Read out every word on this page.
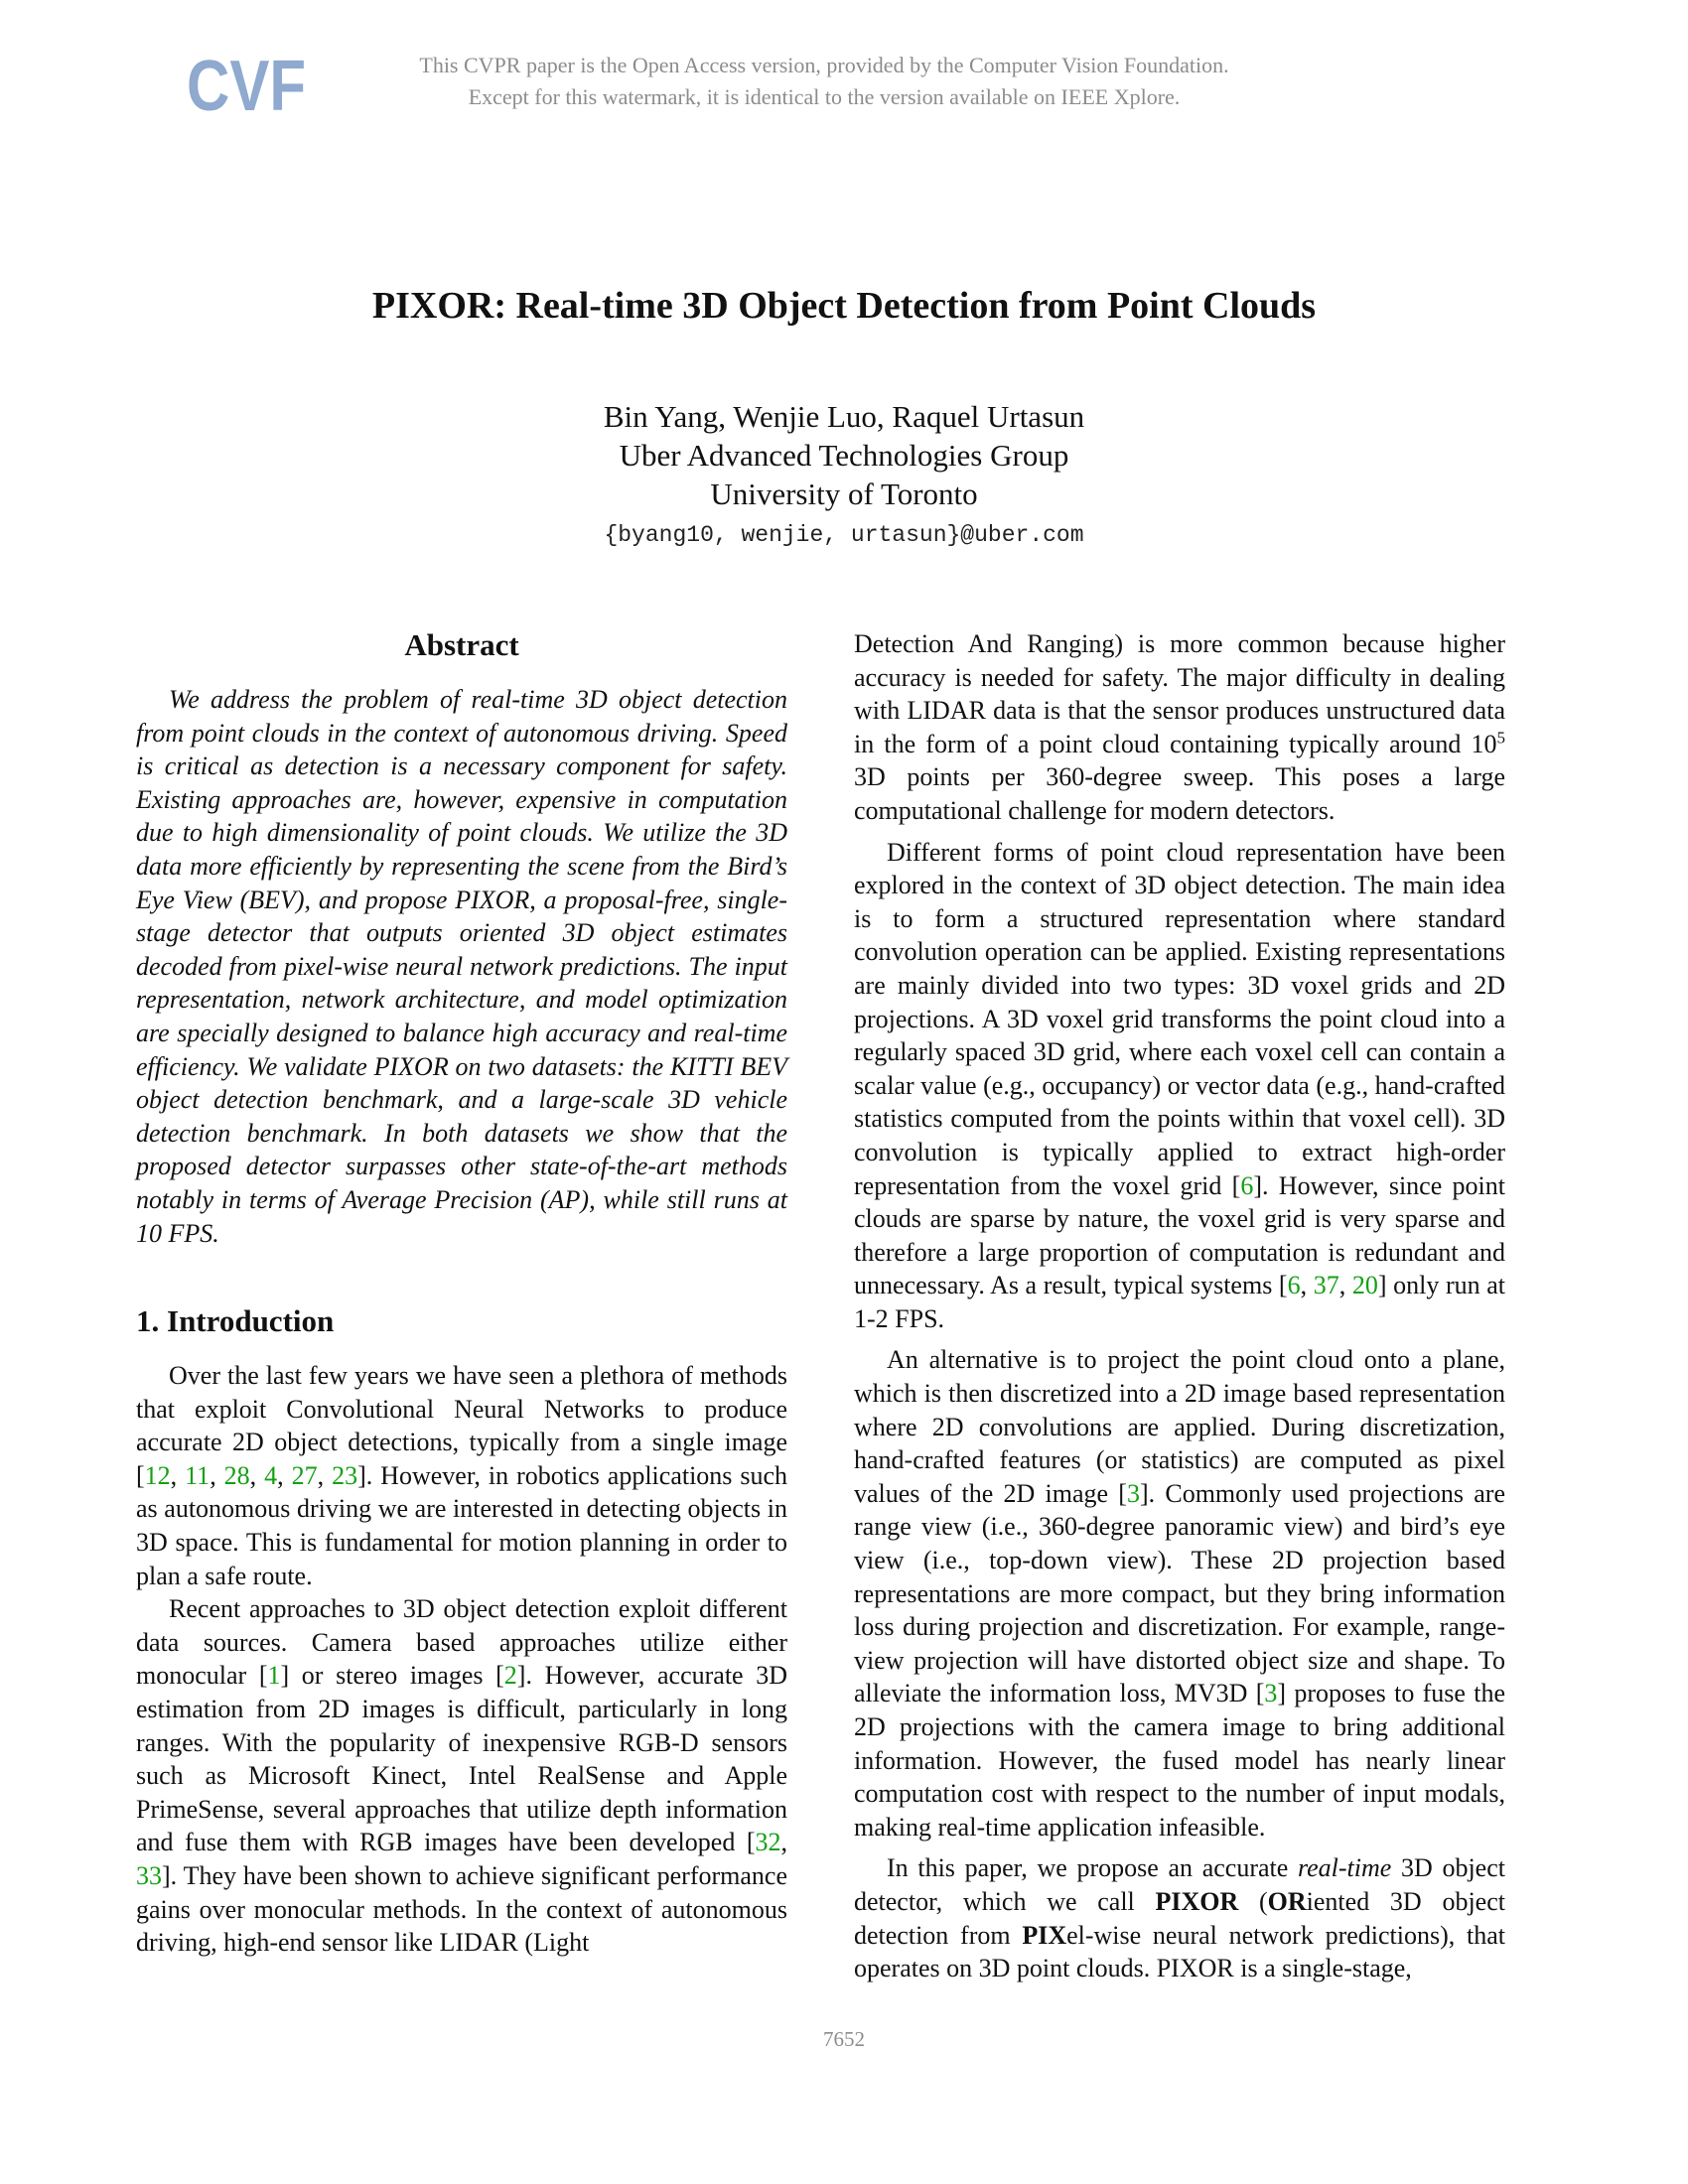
CVF	This CVPR paper is the Open Access version, provided by the Computer Vision Foundation.
Except for this watermark, it is identical to the version available on IEEE Xplore.
PIXOR: Real-time 3D Object Detection from Point Clouds
Bin Yang, Wenjie Luo, Raquel Urtasun
Uber Advanced Technologies Group
University of Toronto
{byang10, wenjie, urtasun}@uber.com
Abstract

We address the problem of real-time 3D object detection from point clouds in the context of autonomous driving. Speed is critical as detection is a necessary component for safety. Existing approaches are, however, expensive in computation due to high dimensionality of point clouds. We utilize the 3D data more efficiently by representing the scene from the Bird’s Eye View (BEV), and propose PIXOR, a proposal-free, single-stage detector that outputs oriented 3D object estimates decoded from pixel-wise neural network predictions. The input representation, network architecture, and model optimization are specially designed to balance high accuracy and real-time efficiency. We validate PIXOR on two datasets: the KITTI BEV object detection benchmark, and a large-scale 3D vehicle detection benchmark. In both datasets we show that the proposed detector surpasses other state-of-the-art methods notably in terms of Average Precision (AP), while still runs at 10 FPS.

1. Introduction

Over the last few years we have seen a plethora of methods that exploit Convolutional Neural Networks to produce accurate 2D object detections, typically from a single image [12, 11, 28, 4, 27, 23]. However, in robotics applications such as autonomous driving we are interested in detecting objects in 3D space. This is fundamental for motion planning in order to plan a safe route.

Recent approaches to 3D object detection exploit different data sources. Camera based approaches utilize either monocular [1] or stereo images [2]. However, accurate 3D estimation from 2D images is difficult, particularly in long ranges. With the popularity of inexpensive RGB-D sensors such as Microsoft Kinect, Intel RealSense and Apple PrimeSense, several approaches that utilize depth information and fuse them with RGB images have been developed [32, 33]. They have been shown to achieve significant performance gains over monocular methods. In the context of autonomous driving, high-end sensor like LIDAR (Light

Detection And Ranging) is more common because higher accuracy is needed for safety. The major difficulty in dealing with LIDAR data is that the sensor produces unstructured data in the form of a point cloud containing typically around $10^5$ 3D points per 360-degree sweep. This poses a large computational challenge for modern detectors.

Different forms of point cloud representation have been explored in the context of 3D object detection. The main idea is to form a structured representation where standard convolution operation can be applied. Existing representations are mainly divided into two types: 3D voxel grids and 2D projections. A 3D voxel grid transforms the point cloud into a regularly spaced 3D grid, where each voxel cell can contain a scalar value (e.g., occupancy) or vector data (e.g., hand-crafted statistics computed from the points within that voxel cell). 3D convolution is typically applied to extract high-order representation from the voxel grid [6]. However, since point clouds are sparse by nature, the voxel grid is very sparse and therefore a large proportion of computation is redundant and unnecessary. As a result, typical systems [6, 37, 20] only run at 1-2 FPS.

An alternative is to project the point cloud onto a plane, which is then discretized into a 2D image based representation where 2D convolutions are applied. During discretization, hand-crafted features (or statistics) are computed as pixel values of the 2D image [3]. Commonly used projections are range view (i.e., 360-degree panoramic view) and bird’s eye view (i.e., top-down view). These 2D projection based representations are more compact, but they bring information loss during projection and discretization. For example, range-view projection will have distorted object size and shape. To alleviate the information loss, MV3D [3] proposes to fuse the 2D projections with the camera image to bring additional information. However, the fused model has nearly linear computation cost with respect to the number of input modals, making real-time application infeasible.

In this paper, we propose an accurate real-time 3D object detector, which we call PIXOR (ORiented 3D object detection from PIXel-wise neural network predictions), that operates on 3D point clouds. PIXOR is a single-stage,

7652
